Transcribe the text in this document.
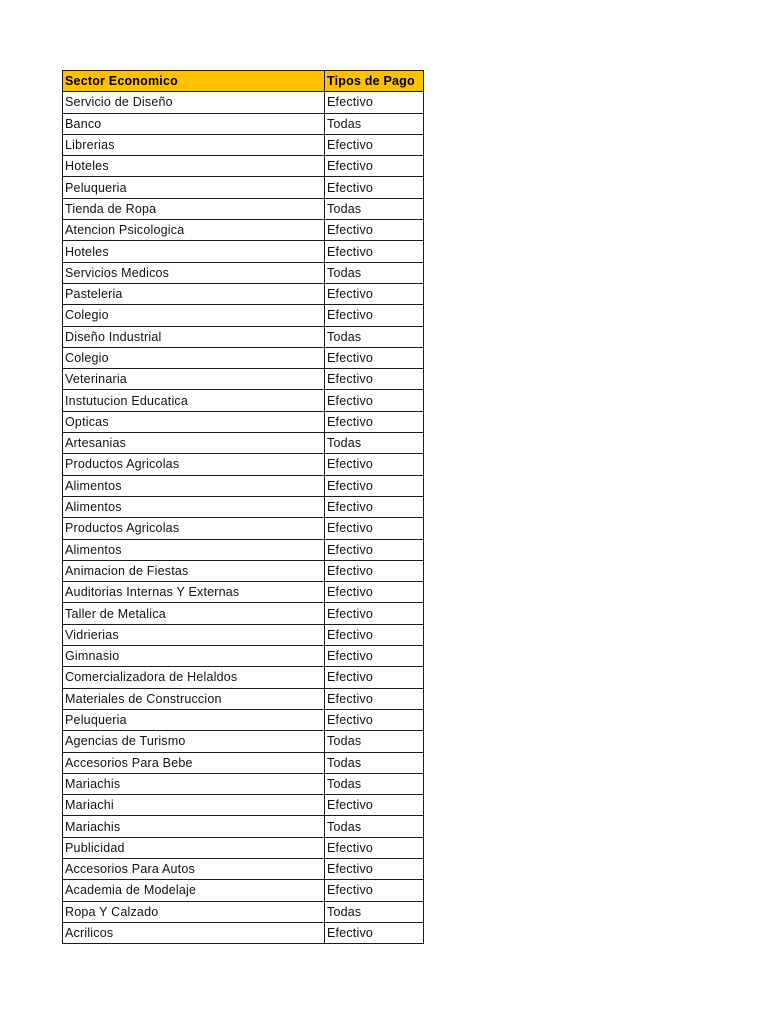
Sector Economico	Tipos de Pago
Servicio de Diseño	Efectivo
Banco	Todas
Librerias	Efectivo
Hoteles	Efectivo
Peluqueria	Efectivo
Tienda de Ropa	Todas
Atencion Psicologica	Efectivo
Hoteles	Efectivo
Servicios Medicos	Todas
Pasteleria	Efectivo
Colegio	Efectivo
Diseño Industrial	Todas
Colegio	Efectivo
Veterinaria	Efectivo
Instutucion Educatica	Efectivo
Opticas	Efectivo
Artesanias	Todas
Productos Agricolas	Efectivo
Alimentos	Efectivo
Alimentos	Efectivo
Productos Agricolas	Efectivo
Alimentos	Efectivo
Animacion de Fiestas	Efectivo
Auditorias Internas Y Externas	Efectivo
Taller de Metalica	Efectivo
Vidrierias	Efectivo
Gimnasio	Efectivo
Comercializadora de Helaldos	Efectivo
Materiales de Construccion	Efectivo
Peluqueria	Efectivo
Agencias de Turismo	Todas
Accesorios Para Bebe	Todas
Mariachis	Todas
Mariachi	Efectivo
Mariachis	Todas
Publicidad	Efectivo
Accesorios Para Autos	Efectivo
Academia de Modelaje	Efectivo
Ropa Y Calzado	Todas
Acrilicos	Efectivo
